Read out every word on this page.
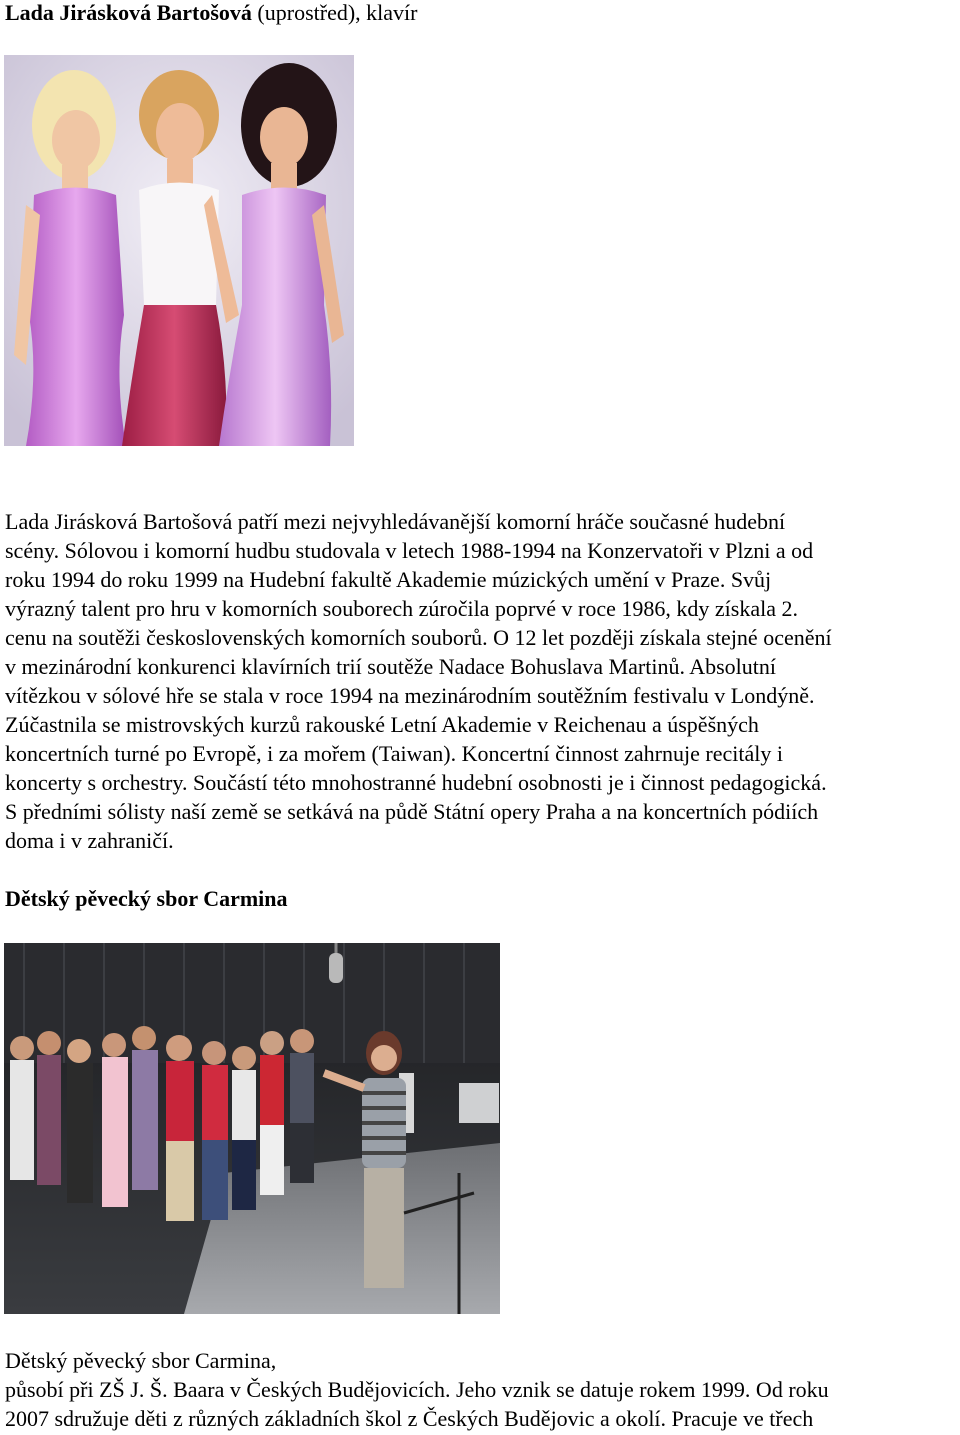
Lada Jirásková Bartošová (uprostřed), klavír
Lada Jirásková Bartošová patří mezi nejvyhledávanější komorní hráče současné hudební
scény. Sólovou i komorní hudbu studovala v letech 1988-1994 na Konzervatoři v Plzni a od
roku 1994 do roku 1999 na Hudební fakultě Akademie múzických umění v Praze. Svůj
výrazný talent pro hru v komorních souborech zúročila poprvé v roce 1986, kdy získala 2.
cenu na soutěži československých komorních souborů. O 12 let později získala stejné ocenění
v mezinárodní konkurenci klavírních trií soutěže Nadace Bohuslava Martinů. Absolutní
vítězkou v sólové hře se stala v roce 1994 na mezinárodním soutěžním festivalu v Londýně.
Zúčastnila se mistrovských kurzů rakouské Letní Akademie v Reichenau a úspěšných
koncertních turné po Evropě, i za mořem (Taiwan). Koncertní činnost zahrnuje recitály i
koncerty s orchestry. Součástí této mnohostranné hudební osobnosti je i činnost pedagogická.
S předními sólisty naší země se setkává na půdě Státní opery Praha a na koncertních pódiích
doma i v zahraničí.
Dětský pěvecký sbor Carmina
Dětský pěvecký sbor Carmina,
působí při ZŠ J. Š. Baara v Českých Budějovicích. Jeho vznik se datuje rokem 1999. Od roku
2007 sdružuje děti z různých základních škol z Českých Budějovic a okolí. Pracuje ve třech
